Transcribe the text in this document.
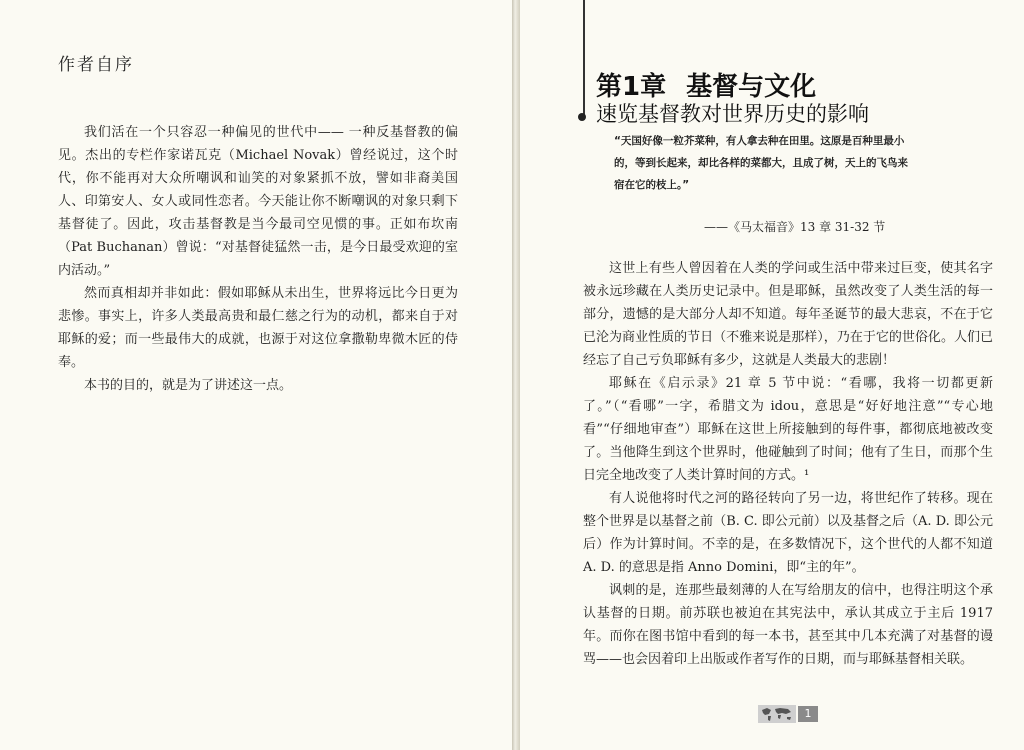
作者自序

我们活在一个只容忍一种偏见的世代中—— 一种反基督教的偏见。杰出的专栏作家诺瓦克（Michael Novak）曾经说过，这个时代，你不能再对大众所嘲讽和讪笑的对象紧抓不放，譬如非裔美国人、印第安人、女人或同性恋者。今天能让你不断嘲讽的对象只剩下基督徒了。因此，攻击基督教是当今最司空见惯的事。正如布坎南（Pat Buchanan）曾说：“对基督徒猛然一击，是今日最受欢迎的室内活动。”

然而真相却并非如此：假如耶稣从未出生，世界将远比今日更为悲惨。事实上，许多人类最高贵和最仁慈之行为的动机，都来自于对耶稣的爱；而一些最伟大的成就，也源于对这位拿撒勒卑微木匠的侍奉。

本书的目的，就是为了讲述这一点。

第1章 基督与文化
速览基督教对世界历史的影响
“天国好像一粒芥菜种，有人拿去种在田里。这原是百种里最小的，等到长起来，却比各样的菜都大，且成了树，天上的飞鸟来宿在它的枝上。”
——《马太福音》13 章 31-32 节

这世上有些人曾因着在人类的学问或生活中带来过巨变，使其名字被永远珍藏在人类历史记录中。但是耶稣，虽然改变了人类生活的每一部分，遗憾的是大部分人却不知道。每年圣诞节的最大悲哀，不在于它已沦为商业性质的节日（不雅来说是那样），乃在于它的世俗化。人们已经忘了自己亏负耶稣有多少，这就是人类最大的悲剧！

耶稣在《启示录》21 章 5 节中说：“看哪，我将一切都更新了。”（“看哪”一字，希腊文为 idou，意思是“好好地注意”“专心地看”“仔细地审查”）耶稣在这世上所接触到的每件事，都彻底地被改变了。当他降生到这个世界时，他碰触到了时间；他有了生日，而那个生日完全地改变了人类计算时间的方式。¹

有人说他将时代之河的路径转向了另一边，将世纪作了转移。现在整个世界是以基督之前（B. C. 即公元前）以及基督之后（A. D. 即公元后）作为计算时间。不幸的是，在多数情况下，这个世代的人都不知道 A. D. 的意思是指 Anno Domini，即“主的年”。

讽刺的是，连那些最刻薄的人在写给朋友的信中，也得注明这个承认基督的日期。前苏联也被迫在其宪法中，承认其成立于主后 1917 年。而你在图书馆中看到的每一本书，甚至其中几本充满了对基督的谩骂——也会因着印上出版或作者写作的日期，而与耶稣基督相关联。

1
